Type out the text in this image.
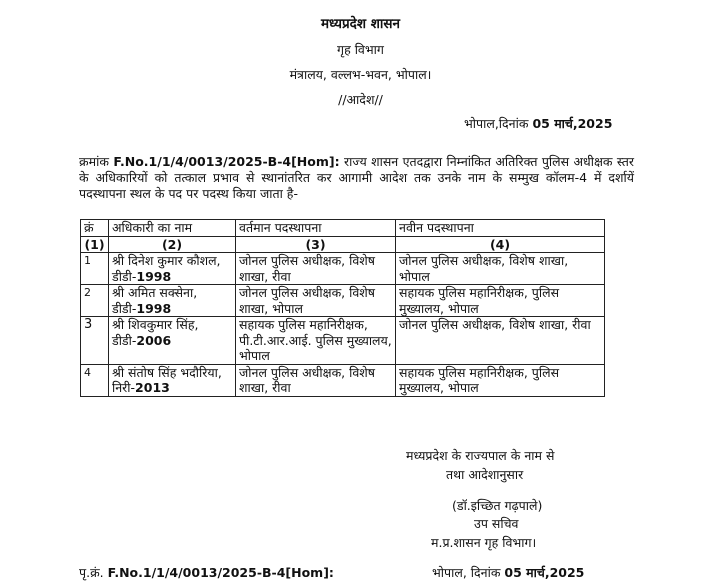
मध्यप्रदेश शासन
गृह विभाग
मंत्रालय, वल्लभ-भवन, भोपाल।
//आदेश//
भोपाल,दिनांक 05 मार्च,2025
क्रमांक F.No.1/1/4/0013/2025-B-4[Hom]: राज्य शासन एतदद्वारा निम्नांकित अतिरिक्त पुलिस अधीक्षक स्तर के अधिकारियों को तत्काल प्रभाव से स्थानांतरित कर आगामी आदेश तक उनके नाम के सम्मुख कॉलम-4 में दर्शायें पदस्थापना स्थल के पद पर पदस्थ किया जाता है-
क्रं	अधिकारी का नाम	वर्तमान पदस्थापना	नवीन पदस्थापना
(1)	(2)	(3)	(4)
1	श्री दिनेश कुमार कौशल, डीडी-1998	जोनल पुलिस अधीक्षक, विशेष शाखा, रीवा	जोनल पुलिस अधीक्षक, विशेष शाखा, भोपाल
2	श्री अमित सक्सेना, डीडी-1998	जोनल पुलिस अधीक्षक, विशेष शाखा, भोपाल	सहायक पुलिस महानिरीक्षक, पुलिस मुख्यालय, भोपाल
3	श्री शिवकुमार सिंह, डीडी-2006	सहायक पुलिस महानिरीक्षक, पी.टी.आर.आई. पुलिस मुख्यालय, भोपाल	जोनल पुलिस अधीक्षक, विशेष शाखा, रीवा
4	श्री संतोष सिंह भदौरिया, निरी-2013	जोनल पुलिस अधीक्षक, विशेष शाखा, रीवा	सहायक पुलिस महानिरीक्षक, पुलिस मुख्यालय, भोपाल
मध्यप्रदेश के राज्यपाल के नाम से
तथा आदेशानुसार
(डॉ.इच्छित गढ़पाले)
उप सचिव
म.प्र.शासन गृह विभाग।
पृ.क्रं. F.No.1/1/4/0013/2025-B-4[Hom]:	भोपाल, दिनांक 05 मार्च,2025
